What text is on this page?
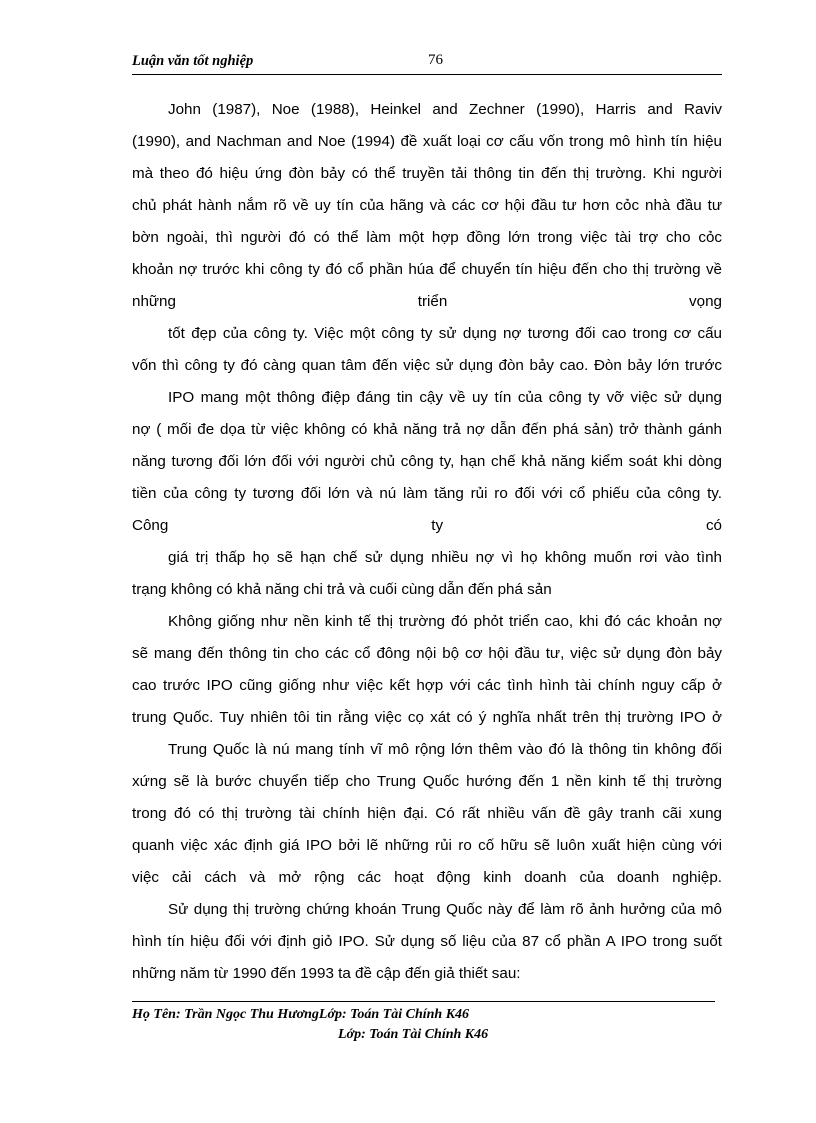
Luận văn tốt nghiệp	76
John (1987), Noe (1988), Heinkel and Zechner (1990), Harris and Raviv
(1990), and Nachman and Noe (1994) đề xuất loại cơ cấu vốn trong mô hình tín hiệu
mà theo đó hiệu ứng đòn bảy có thể truyền tải thông tin đến thị trường. Khi người
chủ phát hành nắm rõ về uy tín của hãng và các cơ hội đầu tư hơn cỏc nhà đầu tư
bờn ngoài, thì người đó có thể làm một hợp đồng lớn trong việc tài trợ cho cỏc
khoản nợ trước khi công ty đó cổ phần húa để chuyển tín hiệu đến cho thị trường về
những triển vọng
tốt đẹp của công ty. Việc một công ty sử dụng nợ tương đối cao trong cơ cấu
vốn thì công ty đó càng quan tâm đến việc sử dụng đòn bảy cao. Đòn bảy lớn trước
IPO mang một thông điệp đáng tin cậy về uy tín của công ty vỡ việc sử dụng
nợ ( mối đe dọa từ việc không có khả năng trả nợ dẫn đến phá sản) trở thành gánh
năng tương đối lớn đối với người chủ công ty, hạn chế khả năng kiểm soát khi dòng
tiền của công ty tương đối lớn và nú làm tăng rủi ro đối với cổ phiếu của công ty.
Công ty có
giá trị thấp họ sẽ hạn chế sử dụng nhiều nợ vì họ không muốn rơi vào tình
trạng không có khả năng chi trả và cuối cùng dẫn đến phá sản
Không giống như nền kinh tế thị trường đó phỏt triển cao, khi đó các khoản nợ
sẽ mang đến thông tin cho các cổ đông nội bộ cơ hội đầu tư, việc sử dụng đòn bảy
cao trước IPO cũng giống như việc kết hợp với các tình hình tài chính nguy cấp ở
trung Quốc. Tuy nhiên tôi tin rằng việc cọ xát có ý nghĩa nhất trên thị trường IPO ở
Trung Quốc là nú mang tính vĩ mô rộng lớn thêm vào đó là thông tin không đối
xứng sẽ là bước chuyển tiếp cho Trung Quốc hướng đến 1 nền kinh tế thị trường
trong đó có thị trường tài chính hiện đại. Có rất nhiều vấn đề gây tranh cãi xung
quanh việc xác định giá IPO bởi lẽ những rủi ro cố hữu sẽ luôn xuất hiện cùng với
việc cải cách và mở rộng các hoạt động kinh doanh của doanh nghiệp.
Sử dụng thị trường chứng khoán Trung Quốc này để làm rõ ảnh hưởng của mô
hình tín hiệu đối với định giỏ IPO. Sử dụng số liệu của 87 cổ phần A IPO trong suốt
những năm từ 1990 đến 1993 ta đề cập đến giả thiết sau:
Họ Tên: Trần Ngọc Thu HươngLớp: Toán Tài Chính K46
Lớp: Toán Tài Chính K46
